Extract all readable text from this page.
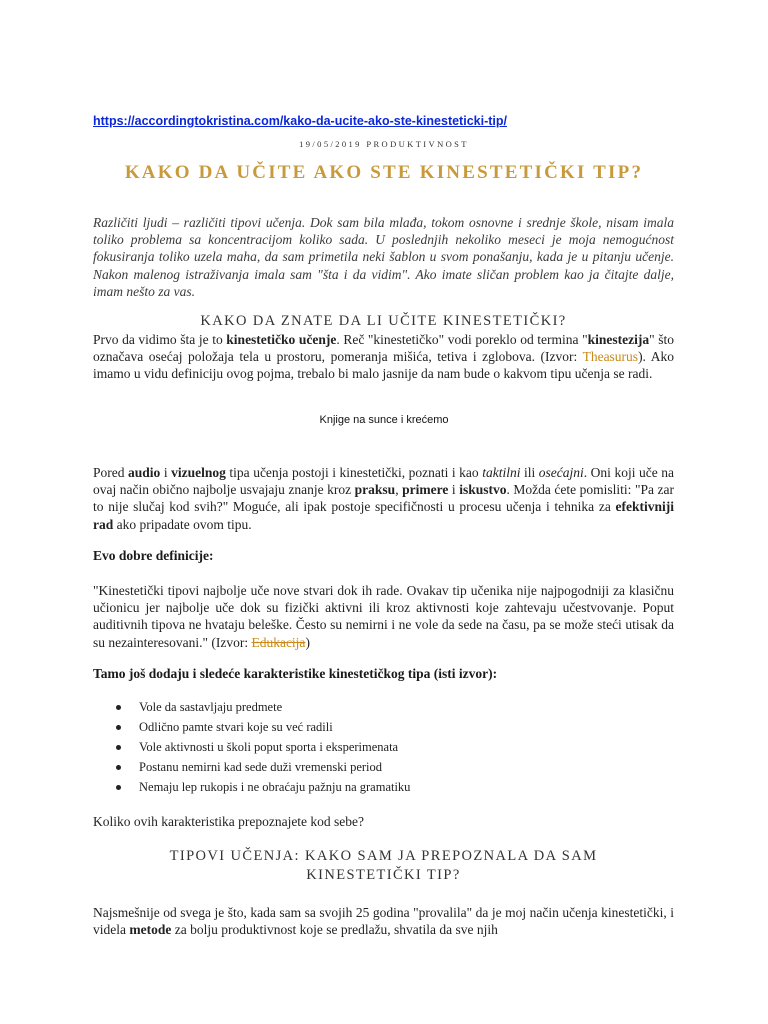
https://accordingtokristina.com/kako-da-ucite-ako-ste-kinesteticki-tip/
19/05/2019 PRODUKTIVNOST
KAKO DA UČITE AKO STE KINESTETIČKI TIP?
Različiti ljudi – različiti tipovi učenja. Dok sam bila mlađa, tokom osnovne i srednje škole, nisam imala toliko problema sa koncentracijom koliko sada. U poslednjih nekoliko meseci je moja nemogućnost fokusiranja toliko uzela maha, da sam primetila neki šablon u svom ponašanju, kada je u pitanju učenje. Nakon malenog istraživanja imala sam "šta i da vidim". Ako imate sličan problem kao ja čitajte dalje, imam nešto za vas.
KAKO DA ZNATE DA LI UČITE KINESTETIČKI?
Prvo da vidimo šta je to kinestetičko učenje. Reč "kinestetičko" vodi poreklo od termina "kinestezija" što označava osećaj položaja tela u prostoru, pomeranja mišića, tetiva i zglobova. (Izvor: Theasurus). Ako imamo u vidu definiciju ovog pojma, trebalo bi malo jasnije da nam bude o kakvom tipu učenja se radi.
Knjige na sunce i krećemo
Pored audio i vizuelnog tipa učenja postoji i kinestetički, poznati i kao taktilni ili osećajni. Oni koji uče na ovaj način obično najbolje usvajaju znanje kroz praksu, primere i iskustvo. Možda ćete pomisliti: "Pa zar to nije slučaj kod svih?" Moguće, ali ipak postoje specifičnosti u procesu učenja i tehnika za efektivniji rad ako pripadate ovom tipu.
Evo dobre definicije:
"Kinestetički tipovi najbolje uče nove stvari dok ih rade. Ovakav tip učenika nije najpogodniji za klasičnu učionicu jer najbolje uče dok su fizički aktivni ili kroz aktivnosti koje zahtevaju učestvovanje. Poput auditivnih tipova ne hvataju beleške. Često su nemirni i ne vole da sede na času, pa se može steći utisak da su nezainteresovani." (Izvor: Edukacija)
Tamo još dodaju i sledeće karakteristike kinestetičkog tipa (isti izvor):
Vole da sastavljaju predmete
Odlično pamte stvari koje su već radili
Vole aktivnosti u školi poput sporta i eksperimenata
Postanu nemirni kad sede duži vremenski period
Nemaju lep rukopis i ne obraćaju pažnju na gramatiku
Koliko ovih karakteristika prepoznajete kod sebe?
TIPOVI UČENJA: KAKO SAM JA PREPOZNALA DA SAM
KINESTETIČKI TIP?
Najsmešnije od svega je što, kada sam sa svojih 25 godina "provalila" da je moj način učenja kinestetički, i videla metode za bolju produktivnost koje se predlažu, shvatila da sve njih
